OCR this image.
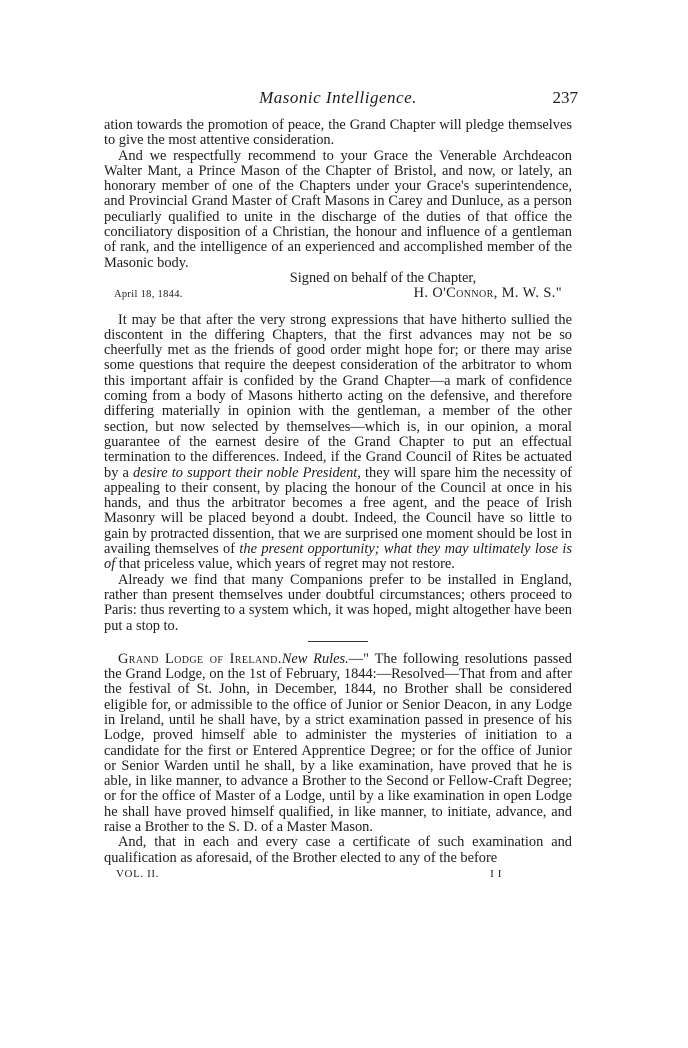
Masonic Intelligence.	237

ation towards the promotion of peace, the Grand Chapter will pledge themselves to give the most attentive consideration.

And we respectfully recommend to your Grace the Venerable Archdeacon Walter Mant, a Prince Mason of the Chapter of Bristol, and now, or lately, an honorary member of one of the Chapters under your Grace's superintendence, and Provincial Grand Master of Craft Masons in Carey and Dunluce, as a person peculiarly qualified to unite in the discharge of the duties of that office the conciliatory disposition of a Christian, the honour and influence of a gentleman of rank, and the intelligence of an experienced and accomplished member of the Masonic body.

Signed on behalf of the Chapter,
April 18, 1844.	H. O'Connor, M. W. S."

It may be that after the very strong expressions that have hitherto sullied the discontent in the differing Chapters, that the first advances may not be so cheerfully met as the friends of good order might hope for; or there may arise some questions that require the deepest consideration of the arbitrator to whom this important affair is confided by the Grand Chapter—a mark of confidence coming from a body of Masons hitherto acting on the defensive, and therefore differing materially in opinion with the gentleman, a member of the other section, but now selected by themselves—which is, in our opinion, a moral guarantee of the earnest desire of the Grand Chapter to put an effectual termination to the differences. Indeed, if the Grand Council of Rites be actuated by a desire to support their noble President, they will spare him the necessity of appealing to their consent, by placing the honour of the Council at once in his hands, and thus the arbitrator becomes a free agent, and the peace of Irish Masonry will be placed beyond a doubt. Indeed, the Council have so little to gain by protracted dissention, that we are surprised one moment should be lost in availing themselves of the present opportunity; what they may ultimately lose is of that priceless value, which years of regret may not restore.

Already we find that many Companions prefer to be installed in England, rather than present themselves under doubtful circumstances; others proceed to Paris: thus reverting to a system which, it was hoped, might altogether have been put a stop to.

Grand Lodge of Ireland.New Rules.—" The following resolutions passed the Grand Lodge, on the 1st of February, 1844:—Resolved—That from and after the festival of St. John, in December, 1844, no Brother shall be considered eligible for, or admissible to the office of Junior or Senior Deacon, in any Lodge in Ireland, until he shall have, by a strict examination passed in presence of his Lodge, proved himself able to administer the mysteries of initiation to a candidate for the first or Entered Apprentice Degree; or for the office of Junior or Senior Warden until he shall, by a like examination, have proved that he is able, in like manner, to advance a Brother to the Second or Fellow-Craft Degree; or for the office of Master of a Lodge, until by a like examination in open Lodge he shall have proved himself qualified, in like manner, to initiate, advance, and raise a Brother to the S. D. of a Master Mason.

And, that in each and every case a certificate of such examination and qualification as aforesaid, of the Brother elected to any of the before

VOL. II.	I I
